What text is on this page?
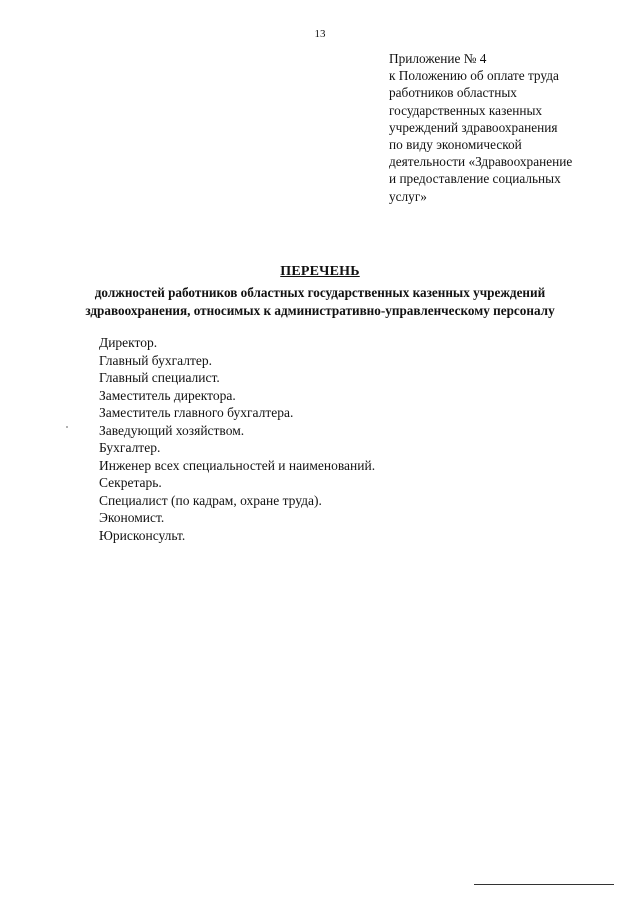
13
Приложение № 4
к Положению об оплате труда
работников областных
государственных казенных
учреждений здравоохранения
по виду экономической
деятельности «Здравоохранение
и предоставление социальных
услуг»
ПЕРЕЧЕНЬ
должностей работников областных государственных казенных учреждений
здравоохранения, относимых к административно-управленческому персоналу
Директор.
Главный бухгалтер.
Главный специалист.
Заместитель директора.
Заместитель главного бухгалтера.
Заведующий хозяйством.
Бухгалтер.
Инженер всех специальностей и наименований.
Секретарь.
Специалист (по кадрам, охране труда).
Экономист.
Юрисконсульт.
